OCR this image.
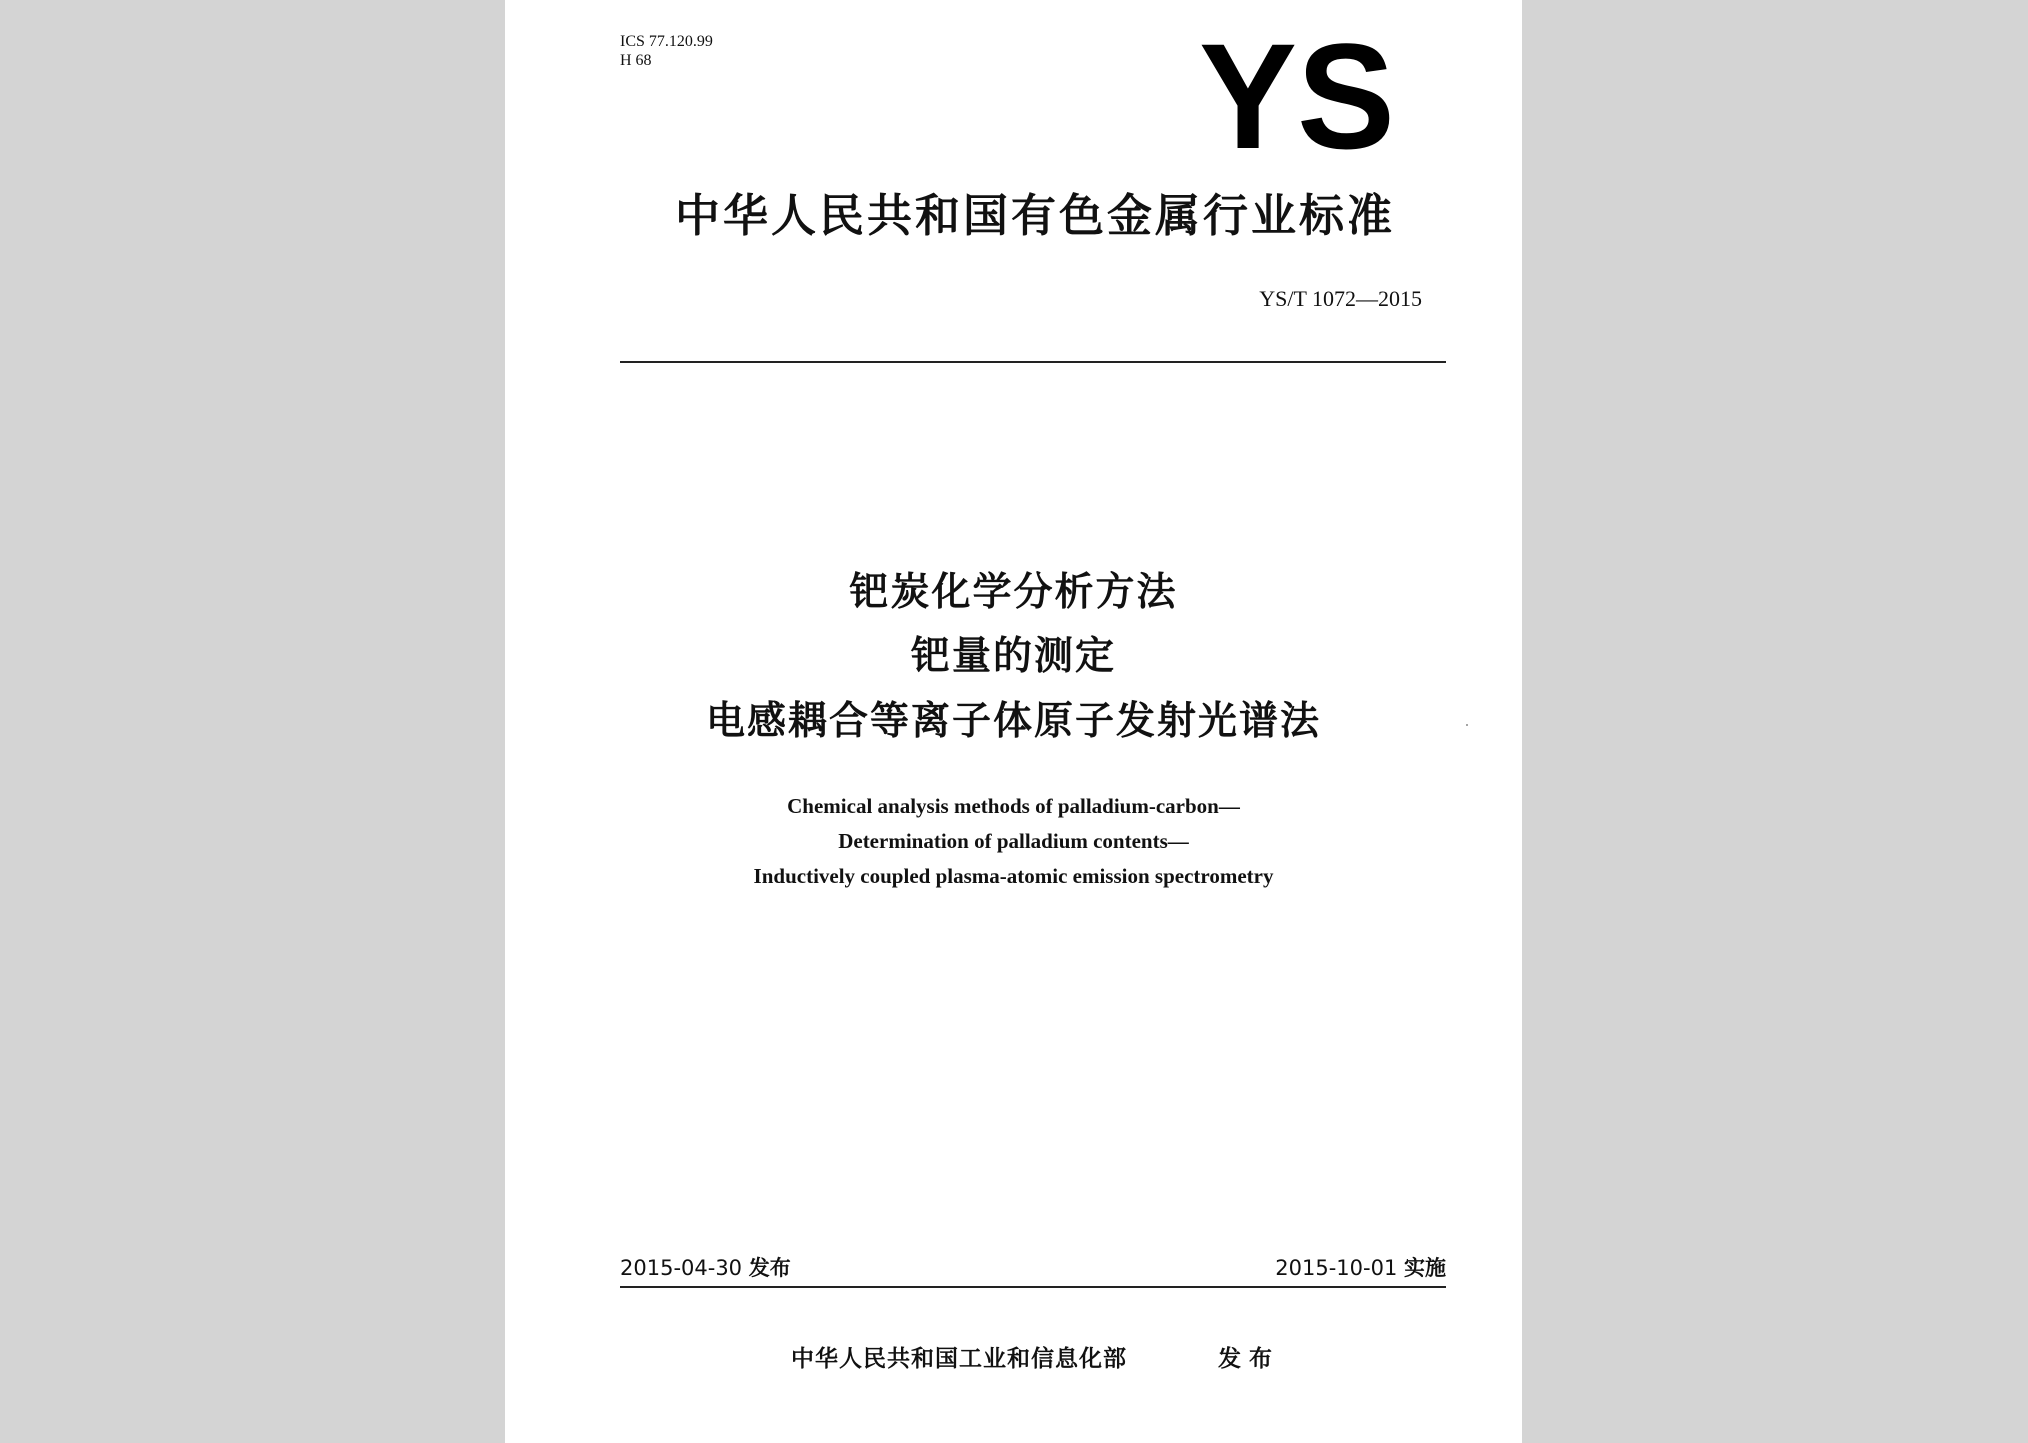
ICS 77.120.99
H 68	YS
中华人民共和国有色金属行业标准
YS/T 1072—2015
钯炭化学分析方法
钯量的测定
电感耦合等离子体原子发射光谱法
Chemical analysis methods of palladium-carbon—
Determination of palladium contents—
Inductively coupled plasma-atomic emission spectrometry
2015-04-30 发布	2015-10-01 实施
中华人民共和国工业和信息化部	发布
